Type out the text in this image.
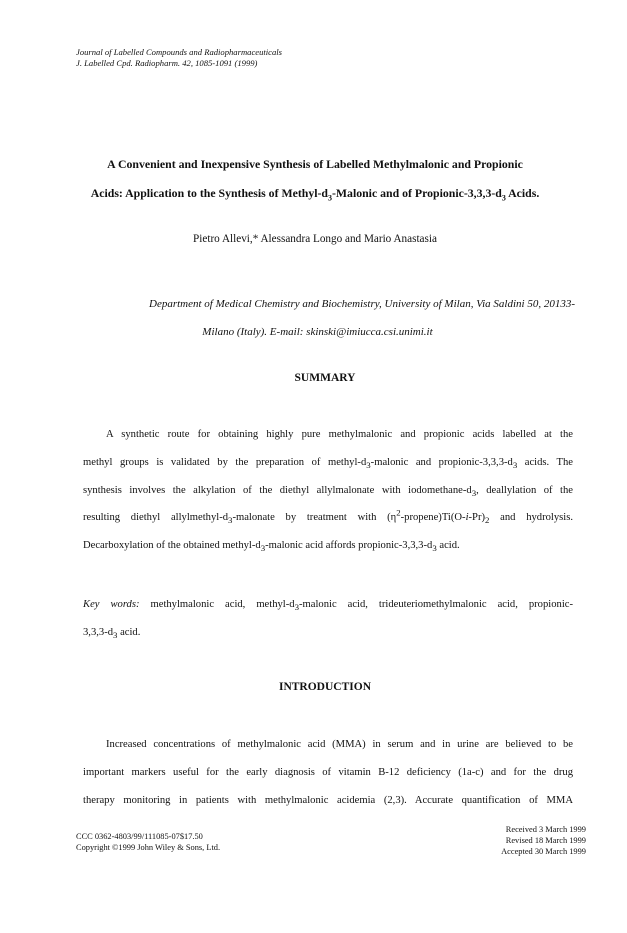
Journal of Labelled Compounds and Radiopharmaceuticals
J. Labelled Cpd. Radiopharm. 42, 1085-1091 (1999)
A Convenient and Inexpensive Synthesis of Labelled Methylmalonic and Propionic
Acids: Application to the Synthesis of Methyl-$d_3$-Malonic and of Propionic-$3,3,3-d_3$ Acids.
Pietro Allevi,* Alessandra Longo and Mario Anastasia
Department of Medical Chemistry and Biochemistry, University of Milan, Via Saldini 50, 20133-
Milano (Italy). E-mail: skinski@imiucca.csi.unimi.it
SUMMARY
A synthetic route for obtaining highly pure methylmalonic and propionic acids labelled at the
methyl groups is validated by the preparation of methyl-$d_3$-malonic and propionic-$3,3,3-d_3$ acids. The
synthesis involves the alkylation of the diethyl allylmalonate with iodomethane-$d_3$, deallylation of the
resulting diethyl allylmethyl-$d_3$-malonate by treatment with $(\eta^2-propene)Ti(O-i-Pr)_2$ and hydrolysis.
Decarboxylation of the obtained methyl-$d_3$-malonic acid affords propionic-$3,3,3-d_3$ acid.
Key words: methylmalonic acid, methyl-$d_3$-malonic acid, trideuteriomethylmalonic acid, propionic-
$3,3,3-d_3$ acid.
INTRODUCTION
Increased concentrations of methylmalonic acid (MMA) in serum and in urine are believed to be
important markers useful for the early diagnosis of vitamin B-12 deficiency (1a-c) and for the drug
therapy monitoring in patients with methylmalonic acidemia (2,3). Accurate quantification of MMA
CCC 0362-4803/99/111085-07$17.50
Copyright ©1999 John Wiley & Sons, Ltd.
Received 3 March 1999
Revised 18 March 1999
Accepted 30 March 1999
